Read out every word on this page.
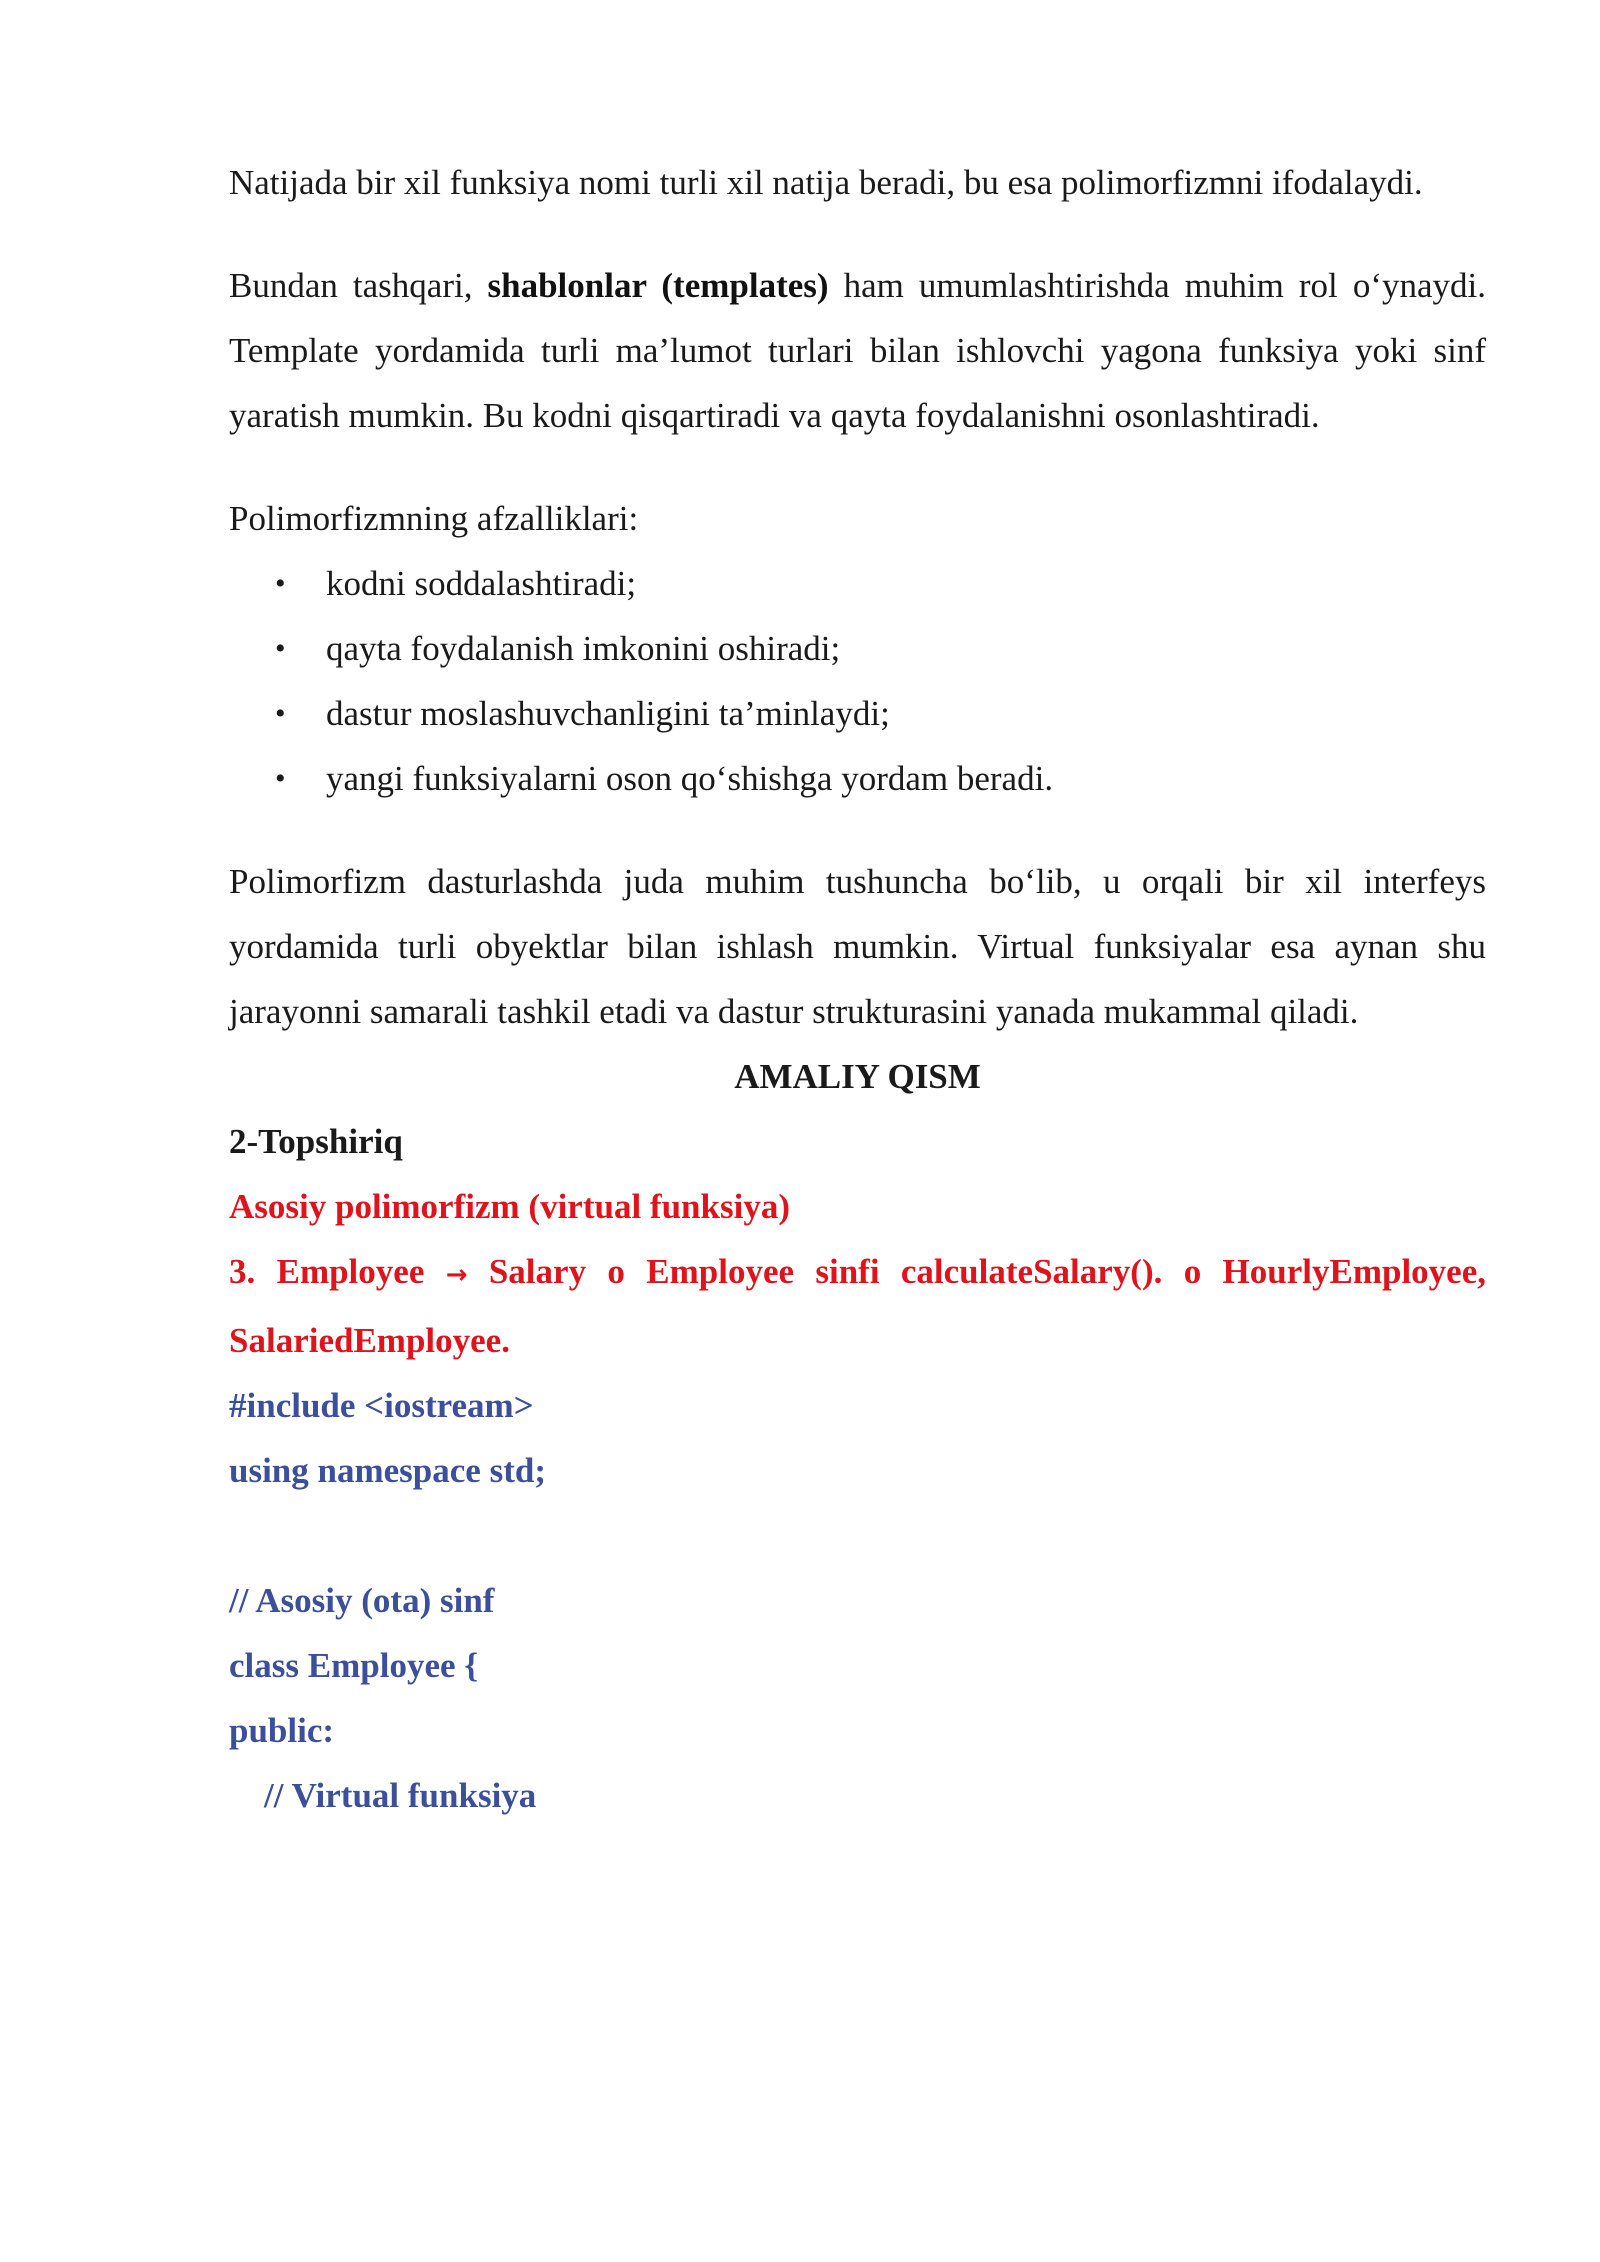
Natijada bir xil funksiya nomi turli xil natija beradi, bu esa polimorfizmni ifodalaydi.

Bundan tashqari, shablonlar (templates) ham umumlashtirishda muhim rol o‘ynaydi. Template yordamida turli ma’lumot turlari bilan ishlovchi yagona funksiya yoki sinf yaratish mumkin. Bu kodni qisqartiradi va qayta foydalanishni osonlashtiradi.

Polimorfizmning afzalliklari:

• kodni soddalashtiradi;
• qayta foydalanish imkonini oshiradi;
• dastur moslashuvchanligini ta’minlaydi;
• yangi funksiyalarni oson qo‘shishga yordam beradi.

Polimorfizm dasturlashda juda muhim tushuncha bo‘lib, u orqali bir xil interfeys yordamida turli obyektlar bilan ishlash mumkin. Virtual funksiyalar esa aynan shu jarayonni samarali tashkil etadi va dastur strukturasini yanada mukammal qiladi.

AMALIY QISM

2-Topshiriq

Asosiy polimorfizm (virtual funksiya)

3. Employee → Salary o Employee sinfi calculateSalary(). o HourlyEmployee, SalariedEmployee.

#include <iostream>

using namespace std;

// Asosiy (ota) sinf

class Employee {

public:

// Virtual funksiya
